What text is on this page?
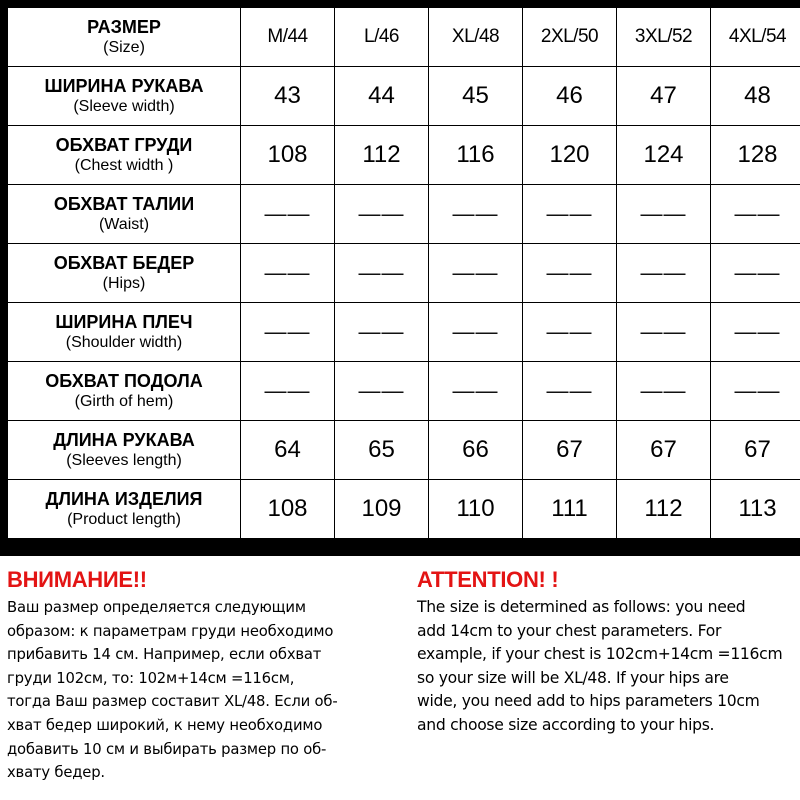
РАЗМЕР
(Size)	M/44	L/46	XL/48	2XL/50	3XL/52	4XL/54

ШИРИНА РУКАВА
(Sleeve width)	43	44	45	46	47	48

ОБХВАТ ГРУДИ
(Chest width )	108	112	116	120	124	128

ОБХВАТ ТАЛИИ
(Waist)	——	——	——	——	——	——

ОБХВАТ БЕДЕР
(Hips)	——	——	——	——	——	——

ШИРИНА ПЛЕЧ
(Shoulder width)	——	——	——	——	——	——

ОБХВАТ ПОДОЛА
(Girth of hem)	——	——	——	——	——	——

ДЛИНА РУКАВА
(Sleeves length)	64	65	66	67	67	67

ДЛИНА ИЗДЕЛИЯ
(Product length)	108	109	110	111	112	113

ВНИМАНИЕ!!

Ваш размер определяется следующим
образом: к параметрам груди необходимо
прибавить 14 см. Например, если обхват
груди 102см, то: 102м+14см =116см,
тогда Ваш размер составит XL/48. Если об-
хват бедер широкий, к нему необходимо
добавить 10 см и выбирать размер по об-
хвату бедер.

ATTENTION! !

The size is determined as follows: you need
add 14cm to your chest parameters. For
example, if your chest is 102cm+14cm =116cm
so your size will be XL/48. If your hips are
wide, you need add to hips parameters 10cm
and choose size according to your hips.
